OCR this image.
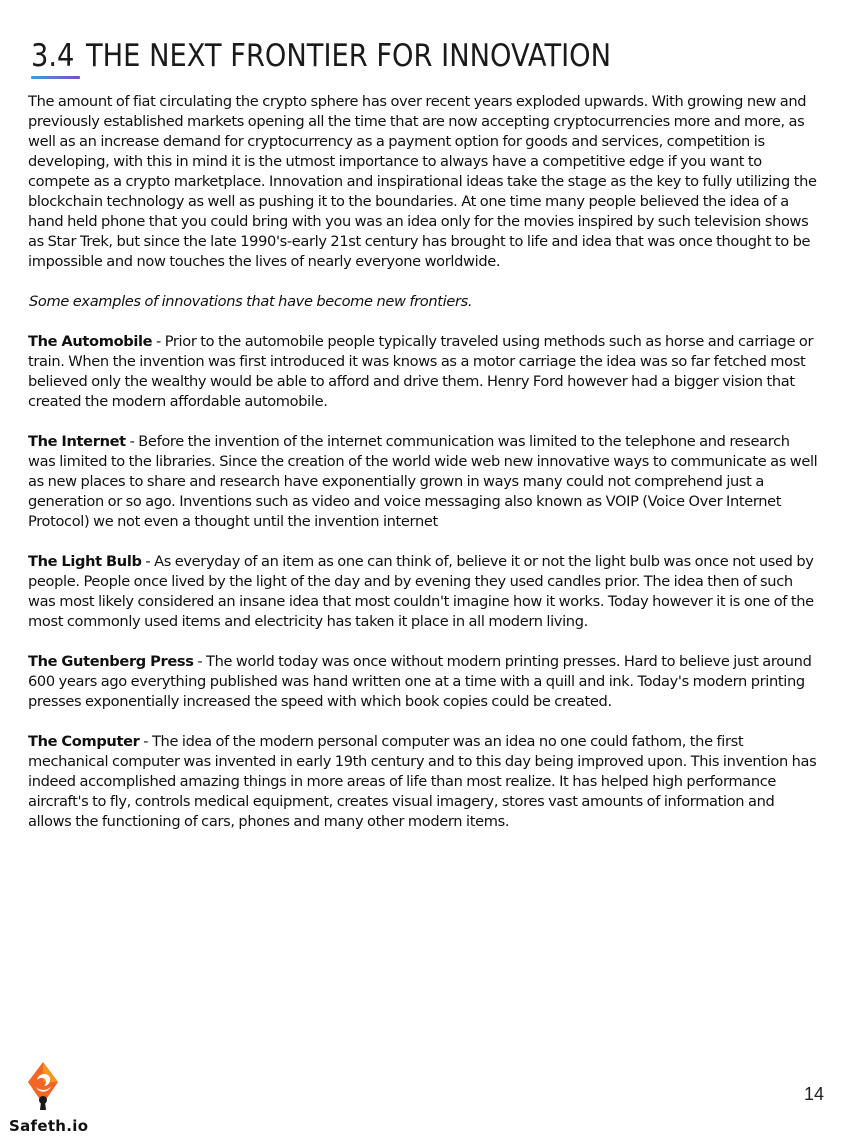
3.4 THE NEXT FRONTIER FOR INNOVATION

The amount of fiat circulating the crypto sphere has over recent years exploded upwards. With growing new and previously established markets opening all the time that are now accepting cryptocurrencies more and more, as well as an increase demand for cryptocurrency as a payment option for goods and services, competition is developing, with this in mind it is the utmost importance to always have a competitive edge if you want to compete as a crypto marketplace. Innovation and inspirational ideas take the stage as the key to fully utilizing the blockchain technology as well as pushing it to the boundaries. At one time many people believed the idea of a hand held phone that you could bring with you was an idea only for the movies inspired by such television shows as Star Trek, but since the late 1990's-early 21st century has brought to life and idea that was once thought to be impossible and now touches the lives of nearly everyone worldwide.

Some examples of innovations that have become new frontiers.

The Automobile - Prior to the automobile people typically traveled using methods such as horse and carriage or train. When the invention was first introduced it was knows as a motor carriage the idea was so far fetched most believed only the wealthy would be able to afford and drive them. Henry Ford however had a bigger vision that created the modern affordable automobile.

The Internet - Before the invention of the internet communication was limited to the telephone and research was limited to the libraries. Since the creation of the world wide web new innovative ways to communicate as well as new places to share and research have exponentially grown in ways many could not comprehend just a generation or so ago. Inventions such as video and voice messaging also known as VOIP (Voice Over Internet Protocol) we not even a thought until the invention internet

The Light Bulb - As everyday of an item as one can think of, believe it or not the light bulb was once not used by people. People once lived by the light of the day and by evening they used candles prior. The idea then of such was most likely considered an insane idea that most couldn't imagine how it works. Today however it is one of the most commonly used items and electricity has taken it place in all modern living.

The Gutenberg Press - The world today was once without modern printing presses. Hard to believe just around 600 years ago everything published was hand written one at a time with a quill and ink. Today's modern printing presses exponentially increased the speed with which book copies could be created.

The Computer - The idea of the modern personal computer was an idea no one could fathom, the first mechanical computer was invented in early 19th century and to this day being improved upon. This invention has indeed accomplished amazing things in more areas of life than most realize. It has helped high performance aircraft's to fly, controls medical equipment, creates visual imagery, stores vast amounts of information and allows the functioning of cars, phones and many other modern items.

Safeth.io
14
